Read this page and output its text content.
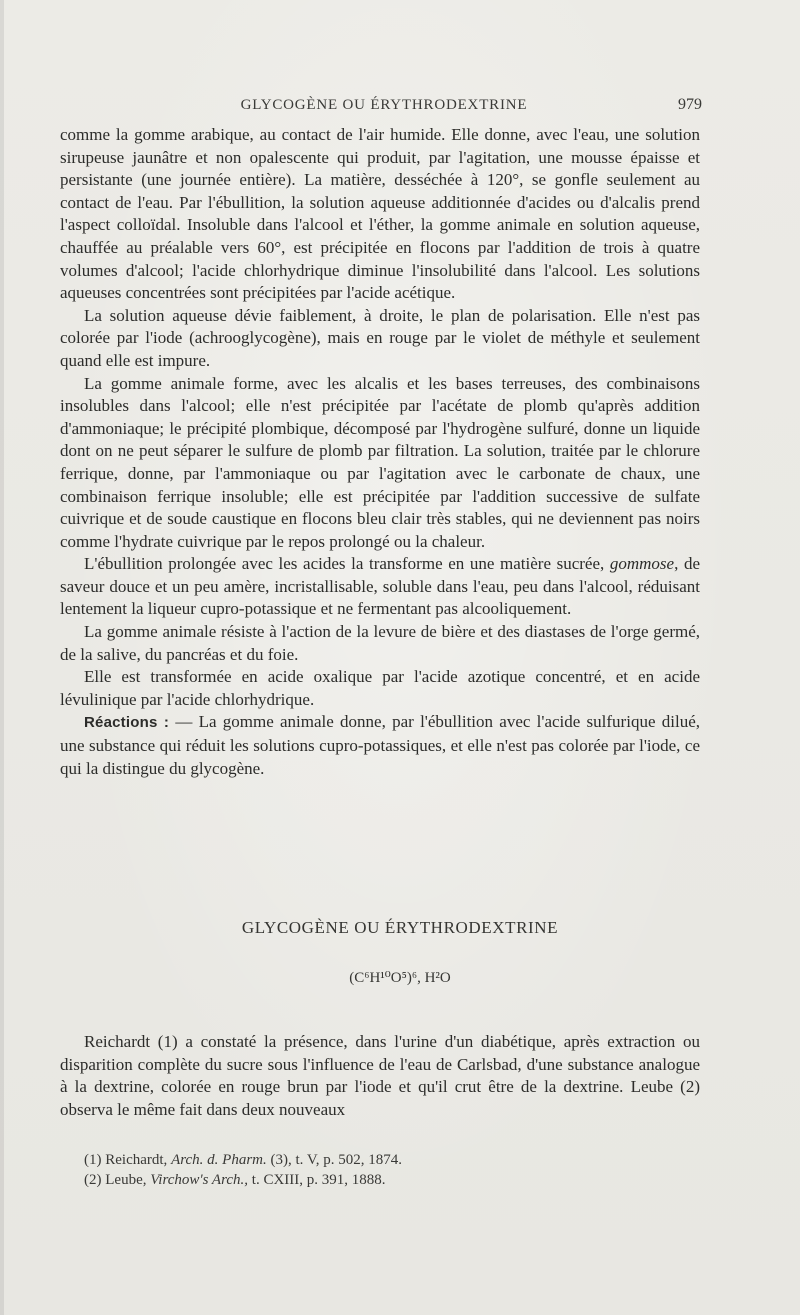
GLYCOGÈNE OU ÉRYTHRODEXTRINE	979

comme la gomme arabique, au contact de l'air humide. Elle donne, avec l'eau, une solution sirupeuse jaunâtre et non opalescente qui produit, par l'agitation, une mousse épaisse et persistante (une journée entière). La matière, desséchée à 120°, se gonfle seulement au contact de l'eau. Par l'ébullition, la solution aqueuse additionnée d'acides ou d'alcalis prend l'aspect colloïdal. Insoluble dans l'alcool et l'éther, la gomme animale en solution aqueuse, chauffée au préalable vers 60°, est précipitée en flocons par l'addition de trois à quatre volumes d'alcool; l'acide chlorhydrique diminue l'insolubilité dans l'alcool. Les solutions aqueuses concentrées sont précipitées par l'acide acétique.

La solution aqueuse dévie faiblement, à droite, le plan de polarisation. Elle n'est pas colorée par l'iode (achrooglycogène), mais en rouge par le violet de méthyle et seulement quand elle est impure.

La gomme animale forme, avec les alcalis et les bases terreuses, des combinaisons insolubles dans l'alcool; elle n'est précipitée par l'acétate de plomb qu'après addition d'ammoniaque; le précipité plombique, décomposé par l'hydrogène sulfuré, donne un liquide dont on ne peut séparer le sulfure de plomb par filtration. La solution, traitée par le chlorure ferrique, donne, par l'ammoniaque ou par l'agitation avec le carbonate de chaux, une combinaison ferrique insoluble; elle est précipitée par l'addition successive de sulfate cuivrique et de soude caustique en flocons bleu clair très stables, qui ne deviennent pas noirs comme l'hydrate cuivrique par le repos prolongé ou la chaleur.

L'ébullition prolongée avec les acides la transforme en une matière sucrée, gommose, de saveur douce et un peu amère, incristallisable, soluble dans l'eau, peu dans l'alcool, réduisant lentement la liqueur cupro-potassique et ne fermentant pas alcooliquement.

La gomme animale résiste à l'action de la levure de bière et des diastases de l'orge germé, de la salive, du pancréas et du foie.

Elle est transformée en acide oxalique par l'acide azotique concentré, et en acide lévulinique par l'acide chlorhydrique.

Réactions : — La gomme animale donne, par l'ébullition avec l'acide sulfurique dilué, une substance qui réduit les solutions cupro-potassiques, et elle n'est pas colorée par l'iode, ce qui la distingue du glycogène.

GLYCOGÈNE OU ÉRYTHRODEXTRINE
(C⁶H¹⁰O⁵)⁶, H²O

Reichardt (1) a constaté la présence, dans l'urine d'un diabétique, après extraction ou disparition complète du sucre sous l'influence de l'eau de Carlsbad, d'une substance analogue à la dextrine, colorée en rouge brun par l'iode et qu'il crut être de la dextrine. Leube (2) observa le même fait dans deux nouveaux

(1) Reichardt, Arch. d. Pharm. (3), t. V, p. 502, 1874.

(2) Leube, Virchow's Arch., t. CXIII, p. 391, 1888.
